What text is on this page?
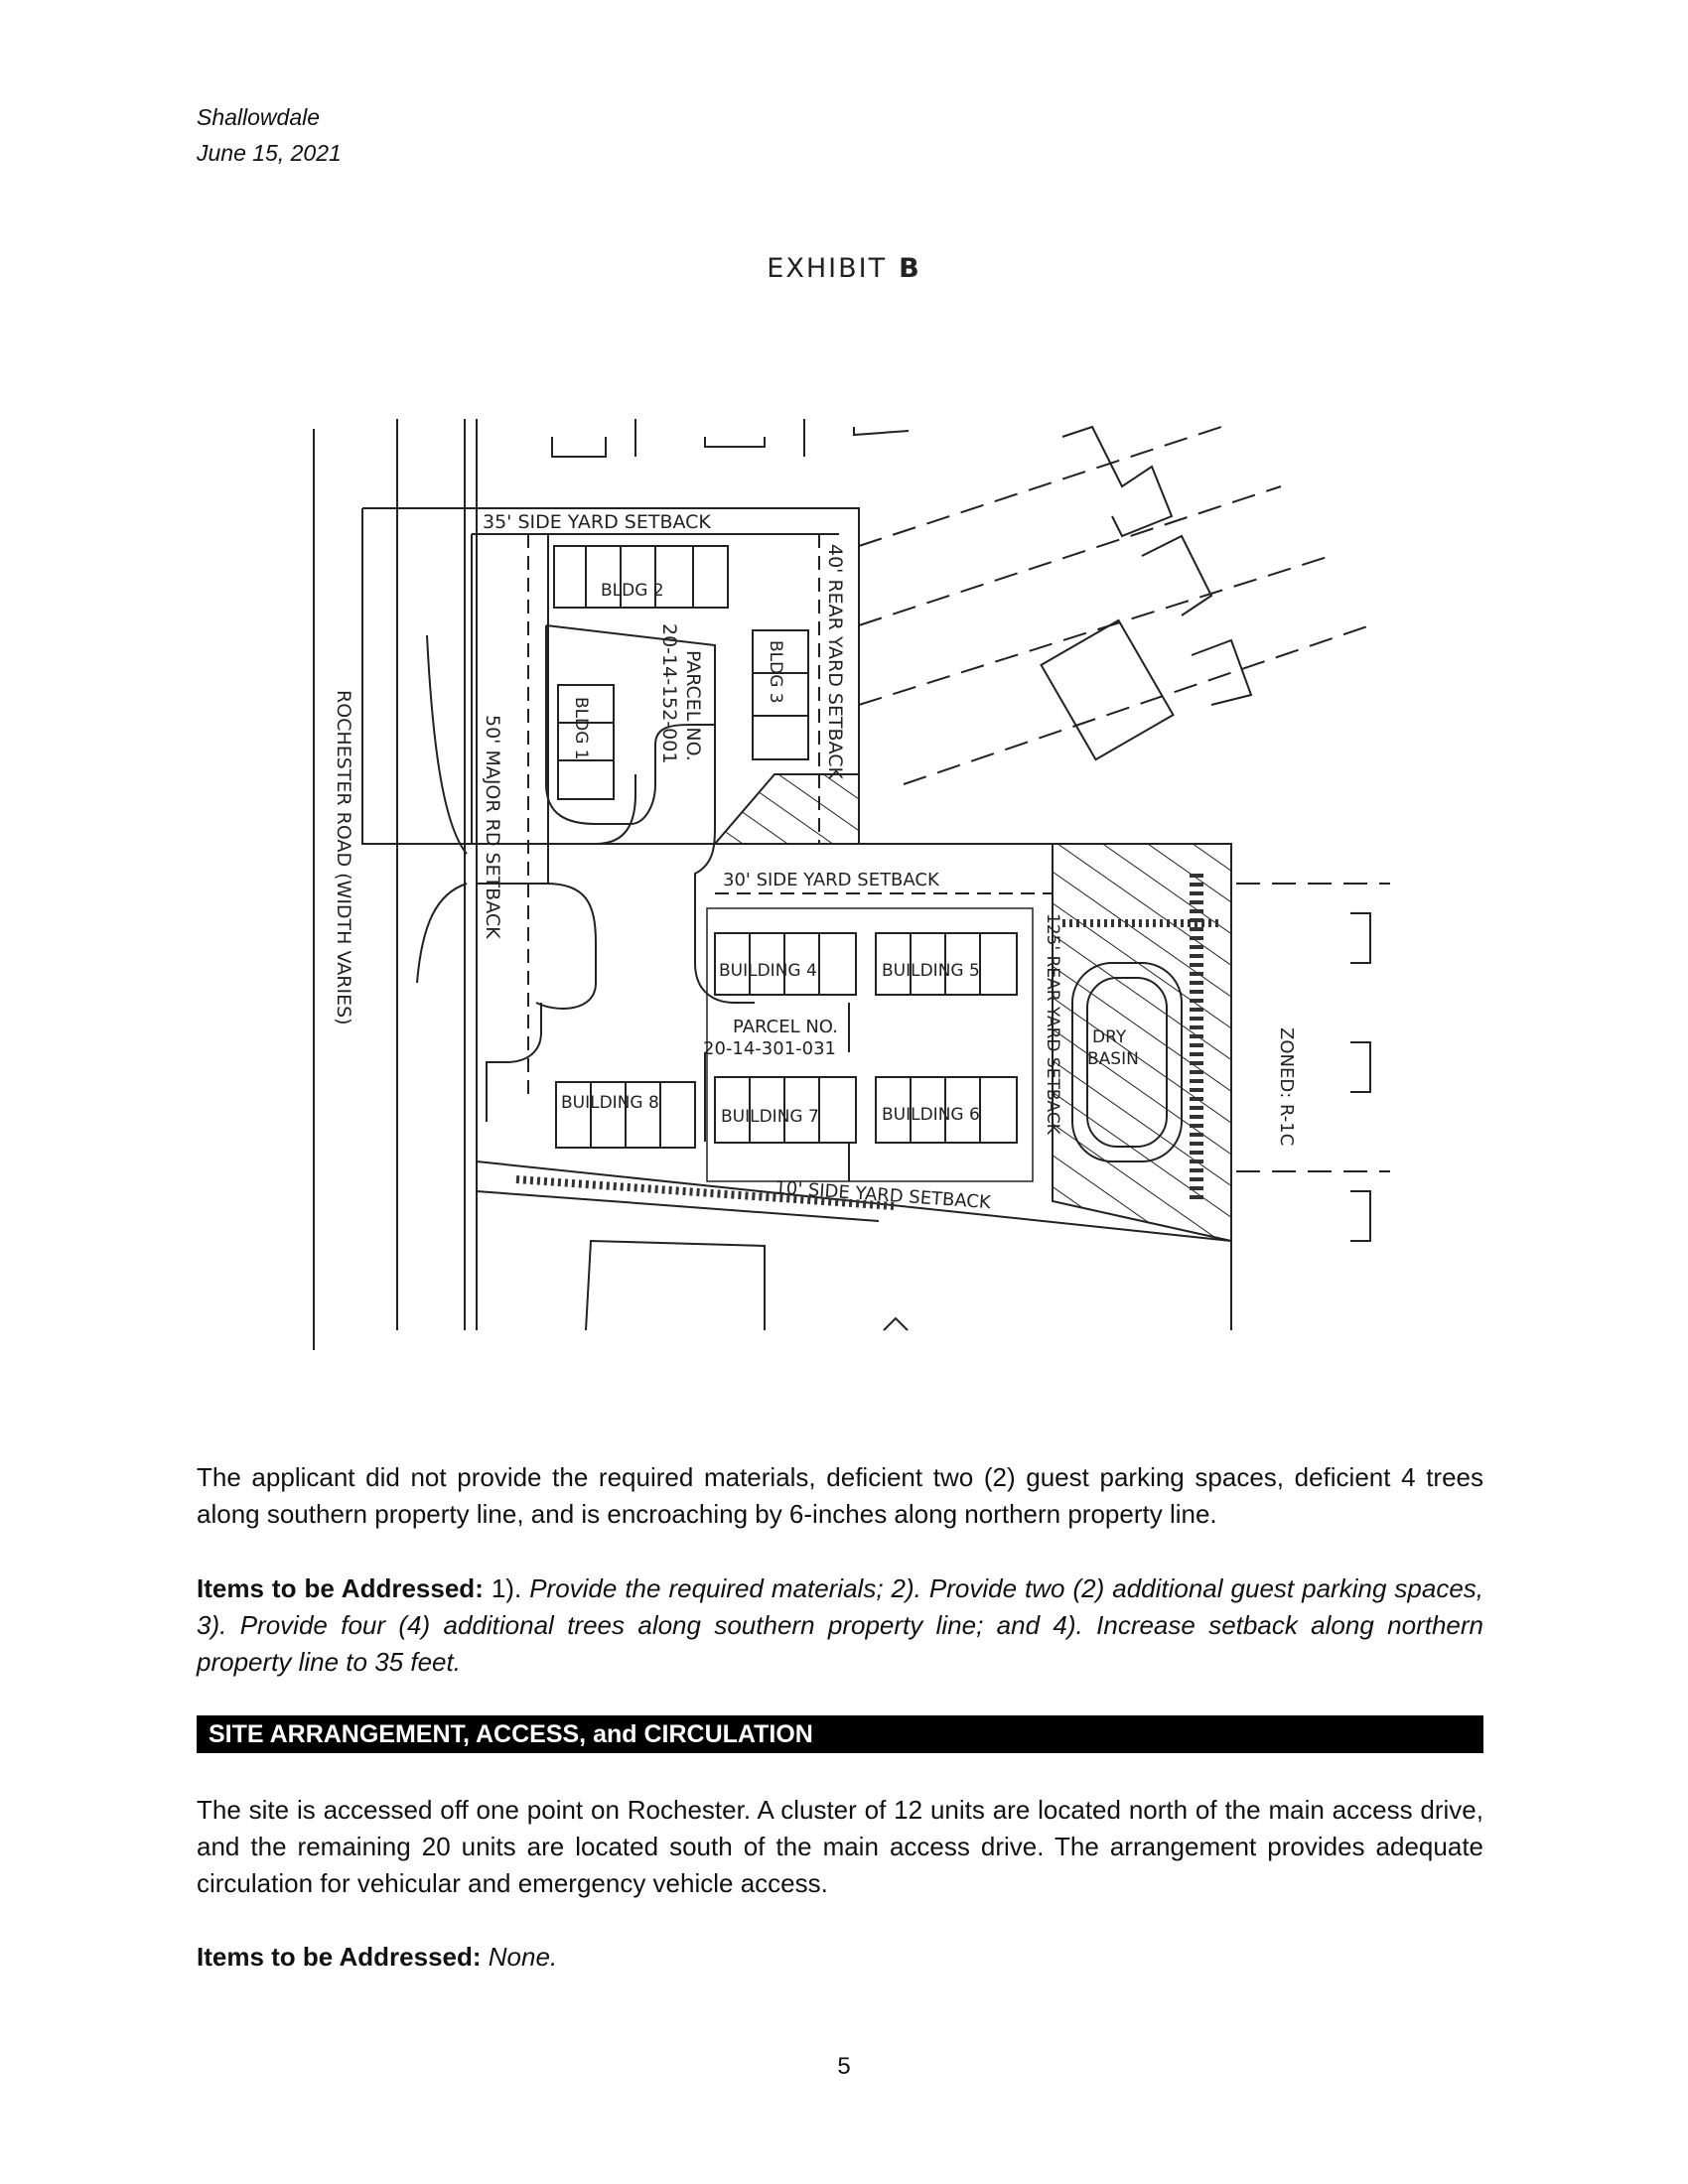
Shallowdale
June 15, 2021
EXHIBIT B
ROCHESTER ROAD (WIDTH VARIES)	50' MAJOR RD SETBACK
35' SIDE YARD SETBACK
40' REAR YARD SETBACK
PARCEL NO.
20-14-152-001
BLDG 2
BLDG 1
BLDG 3
30' SIDE YARD SETBACK
125' REAR YARD SETBACK
10' SIDE YARD SETBACK
BUILDING 4	BUILDING 5
PARCEL NO.
20-14-301-031
BUILDING 8
BUILDING 7	BUILDING 6
DRY
BASIN	ZONED: R-1C
The applicant did not provide the required materials, deficient two (2) guest parking spaces, deficient 4 trees along southern property line, and is encroaching by 6-inches along northern property line.
Items to be Addressed: 1). Provide the required materials; 2). Provide two (2) additional guest parking spaces, 3). Provide four (4) additional trees along southern property line; and 4). Increase setback along northern property line to 35 feet.
SITE ARRANGEMENT, ACCESS, and CIRCULATION
The site is accessed off one point on Rochester. A cluster of 12 units are located north of the main access drive, and the remaining 20 units are located south of the main access drive. The arrangement provides adequate circulation for vehicular and emergency vehicle access.
Items to be Addressed: None.
5
